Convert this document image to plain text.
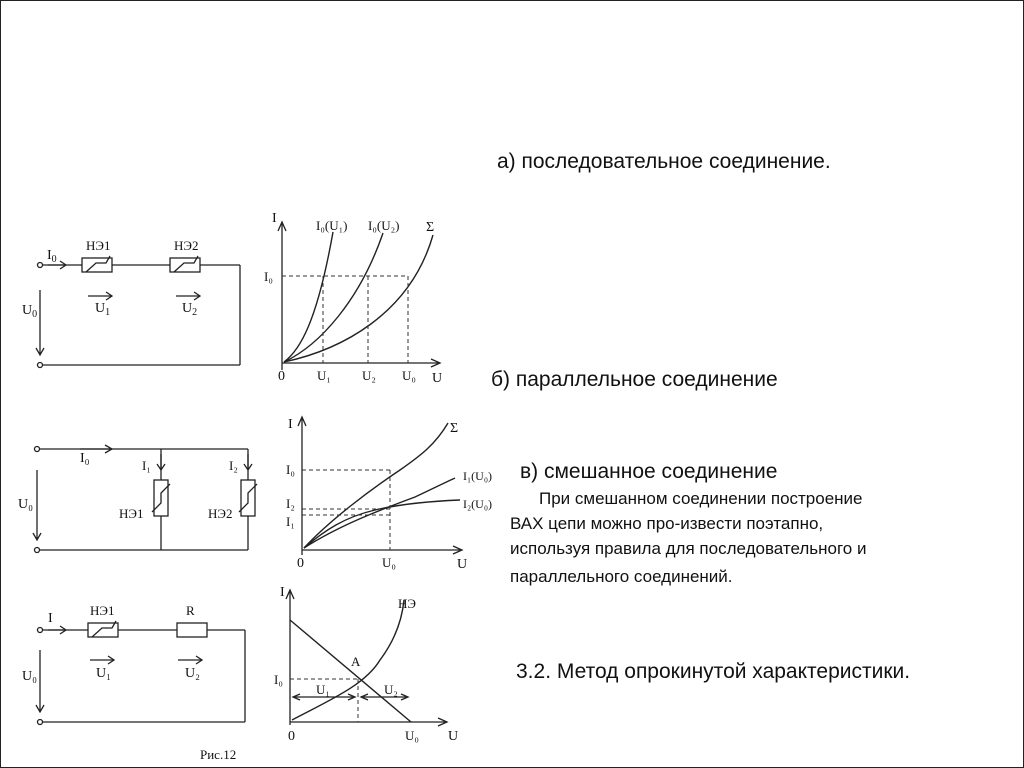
а) последовательное соединение.
б) параллельное соединение
в) смешанное соединение
При смешанном соединении построение
ВАХ цепи можно про-извести поэтапно,
используя правила для последовательного и
параллельного соединений.
3.2. Метод опрокинутой характеристики.
$I_0$
$U_0$
НЭ1	НЭ2
$U_1$	$U_2$
I
U
0
I₀(U₁) I₀(U₂) Σ
I₀
U₁ U₂ U₀
I₀
U₀
I₁	I₂
НЭ1	НЭ2
I
U
0
Σ
I₁(U₀)
I₂(U₀)
I₀
I₂
I₁
U₀
I
U₀
НЭ1	R
U₁	U₂
Рис.12
I
U
0
НЭ
A
I₀
U₁	U₂
U₀
